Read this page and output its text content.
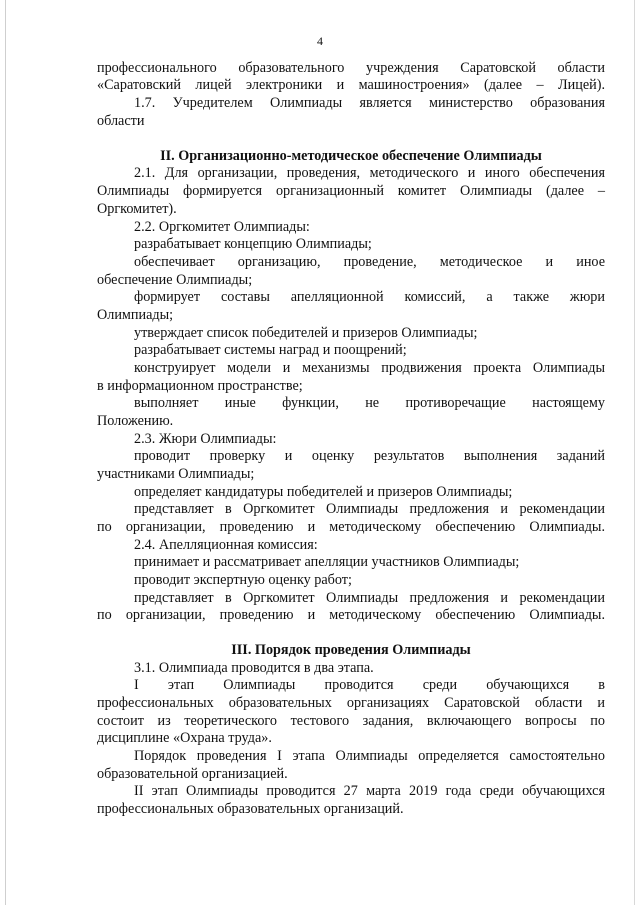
4
профессионального образовательного учреждения Саратовской области
«Саратовский лицей электроники и машиностроения» (далее – Лицей).
1.7. Учредителем Олимпиады является министерство образования
области
II. Организационно-методическое обеспечение Олимпиады
2.1. Для организации, проведения, методического и иного обеспечения
Олимпиады формируется организационный комитет Олимпиады (далее –
Оргкомитет).
2.2. Оргкомитет Олимпиады:
разрабатывает концепцию Олимпиады;
обеспечивает организацию, проведение, методическое и иное
обеспечение Олимпиады;
формирует составы апелляционной комиссий, а также жюри
Олимпиады;
утверждает список победителей и призеров Олимпиады;
разрабатывает системы наград и поощрений;
конструирует модели и механизмы продвижения проекта Олимпиады
в информационном пространстве;
выполняет иные функции, не противоречащие настоящему
Положению.
2.3. Жюри Олимпиады:
проводит проверку и оценку результатов выполнения заданий
участниками Олимпиады;
определяет кандидатуры победителей и призеров Олимпиады;
представляет в Оргкомитет Олимпиады предложения и рекомендации
по организации, проведению и методическому обеспечению Олимпиады.
2.4. Апелляционная комиссия:
принимает и рассматривает апелляции участников Олимпиады;
проводит экспертную оценку работ;
представляет в Оргкомитет Олимпиады предложения и рекомендации
по организации, проведению и методическому обеспечению Олимпиады.
III. Порядок проведения Олимпиады
3.1. Олимпиада проводится в два этапа.
I этап Олимпиады проводится среди обучающихся в
профессиональных образовательных организациях Саратовской области и
состоит из теоретического тестового задания, включающего вопросы по
дисциплине «Охрана труда».
Порядок проведения I этапа Олимпиады определяется самостоятельно
образовательной организацией.
II этап Олимпиады проводится 27 марта 2019 года среди обучающихся
профессиональных образовательных организаций.
